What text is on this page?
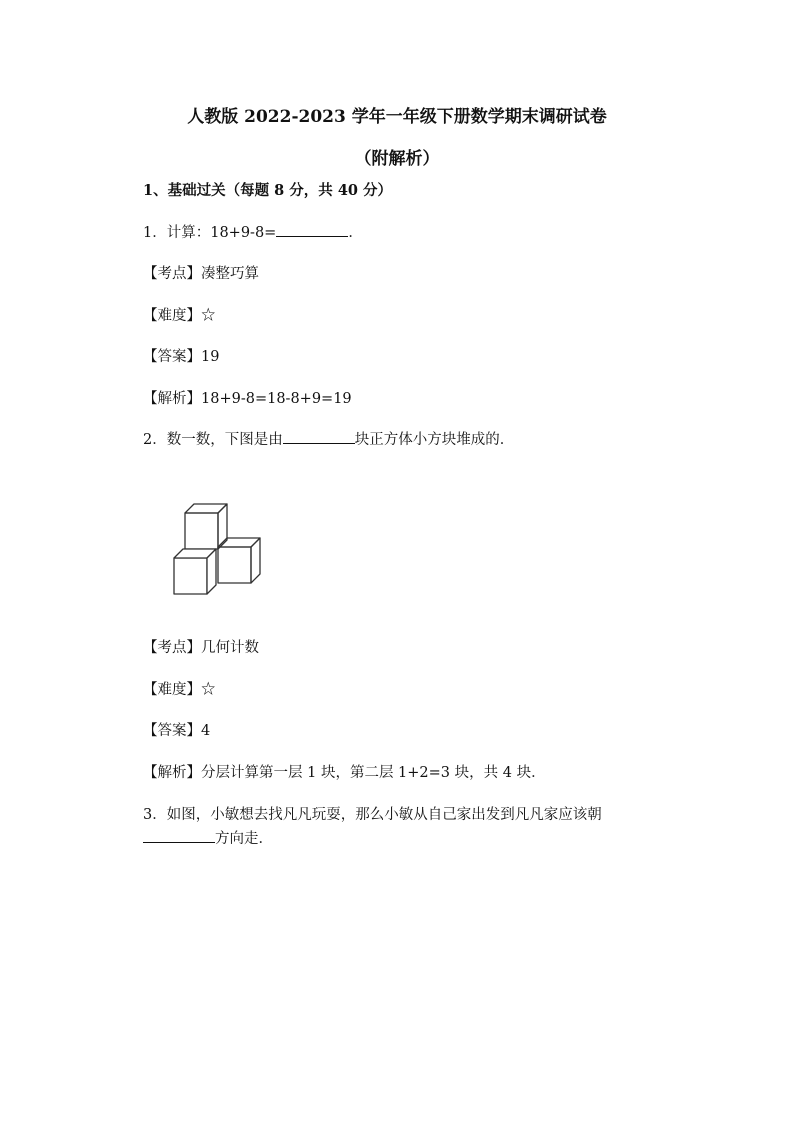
人教版 2022-2023 学年一年级下册数学期末调研试卷
（附解析）
1、基础过关（每题 8 分，共 40 分）
1．计算：18+9-8=	．
【考点】凑整巧算
【难度】☆
【答案】19
【解析】18+9-8=18-8+9=19
2．数一数，下图是由	块正方体小方块堆成的．
【考点】几何计数
【难度】☆
【答案】4
【解析】分层计算第一层 1 块，第二层 1+2=3 块，共 4 块．
3．如图，小敏想去找凡凡玩耍，那么小敏从自己家出发到凡凡家应该朝
方向走．
